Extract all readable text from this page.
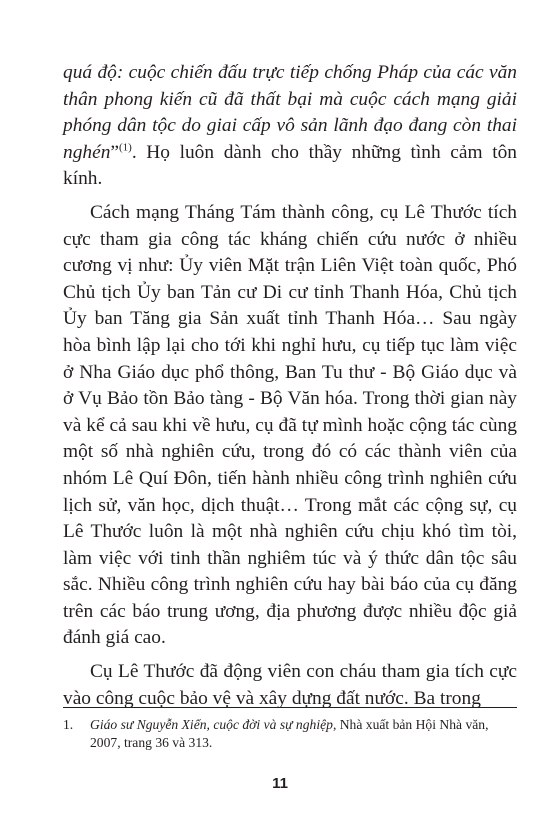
quá độ: cuộc chiến đấu trực tiếp chống Pháp của các văn thân phong kiến cũ đã thất bại mà cuộc cách mạng giải phóng dân tộc do giai cấp vô sản lãnh đạo đang còn thai nghén”$^{(1)}$. Họ luôn dành cho thầy những tình cảm tôn kính.

Cách mạng Tháng Tám thành công, cụ Lê Thước tích cực tham gia công tác kháng chiến cứu nước ở nhiều cương vị như: Ủy viên Mặt trận Liên Việt toàn quốc, Phó Chủ tịch Ủy ban Tản cư Di cư tỉnh Thanh Hóa, Chủ tịch Ủy ban Tăng gia Sản xuất tỉnh Thanh Hóa… Sau ngày hòa bình lập lại cho tới khi nghỉ hưu, cụ tiếp tục làm việc ở Nha Giáo dục phổ thông, Ban Tu thư - Bộ Giáo dục và ở Vụ Bảo tồn Bảo tàng - Bộ Văn hóa. Trong thời gian này và kể cả sau khi về hưu, cụ đã tự mình hoặc cộng tác cùng một số nhà nghiên cứu, trong đó có các thành viên của nhóm Lê Quí Đôn, tiến hành nhiều công trình nghiên cứu lịch sử, văn học, dịch thuật… Trong mắt các cộng sự, cụ Lê Thước luôn là một nhà nghiên cứu chịu khó tìm tòi, làm việc với tinh thần nghiêm túc và ý thức dân tộc sâu sắc. Nhiều công trình nghiên cứu hay bài báo của cụ đăng trên các báo trung ương, địa phương được nhiều độc giả đánh giá cao.

Cụ Lê Thước đã động viên con cháu tham gia tích cực vào công cuộc bảo vệ và xây dựng đất nước. Ba trong

1.	Giáo sư Nguyễn Xiển, cuộc đời và sự nghiệp, Nhà xuất bản Hội Nhà văn, 2007, trang 36 và 313.
11
